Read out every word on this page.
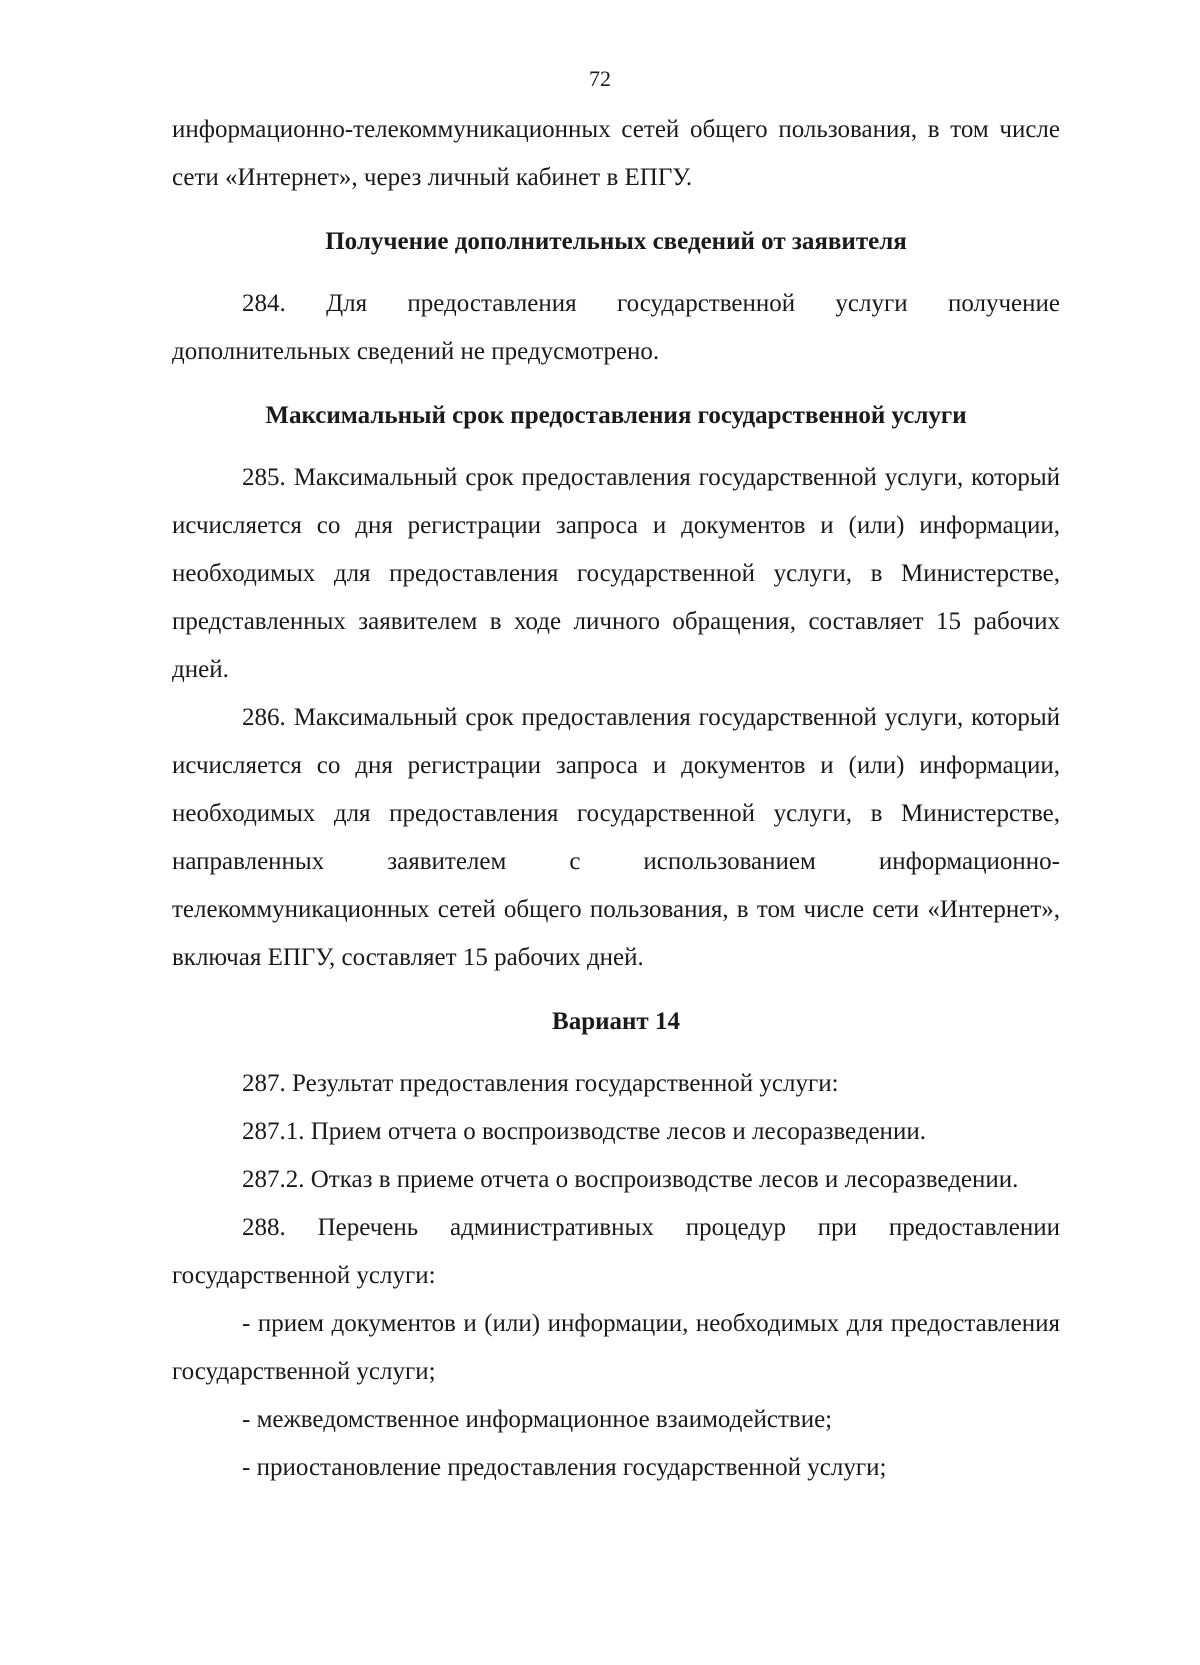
72

информационно-телекоммуникационных сетей общего пользования, в том числе сети «Интернет», через личный кабинет в ЕПГУ.

Получение дополнительных сведений от заявителя

284. Для предоставления государственной услуги получение дополнительных сведений не предусмотрено.

Максимальный срок предоставления государственной услуги

285. Максимальный срок предоставления государственной услуги, который исчисляется со дня регистрации запроса и документов и (или) информации, необходимых для предоставления государственной услуги, в Министерстве, представленных заявителем в ходе личного обращения, составляет 15 рабочих дней.

286. Максимальный срок предоставления государственной услуги, который исчисляется со дня регистрации запроса и документов и (или) информации, необходимых для предоставления государственной услуги, в Министерстве, направленных заявителем с использованием информационно-телекоммуникационных сетей общего пользования, в том числе сети «Интернет», включая ЕПГУ, составляет 15 рабочих дней.

Вариант 14

287. Результат предоставления государственной услуги:

287.1. Прием отчета о воспроизводстве лесов и лесоразведении.

287.2. Отказ в приеме отчета о воспроизводстве лесов и лесоразведении.

288. Перечень административных процедур при предоставлении государственной услуги:

- прием документов и (или) информации, необходимых для предоставления государственной услуги;

- межведомственное информационное взаимодействие;

- приостановление предоставления государственной услуги;
